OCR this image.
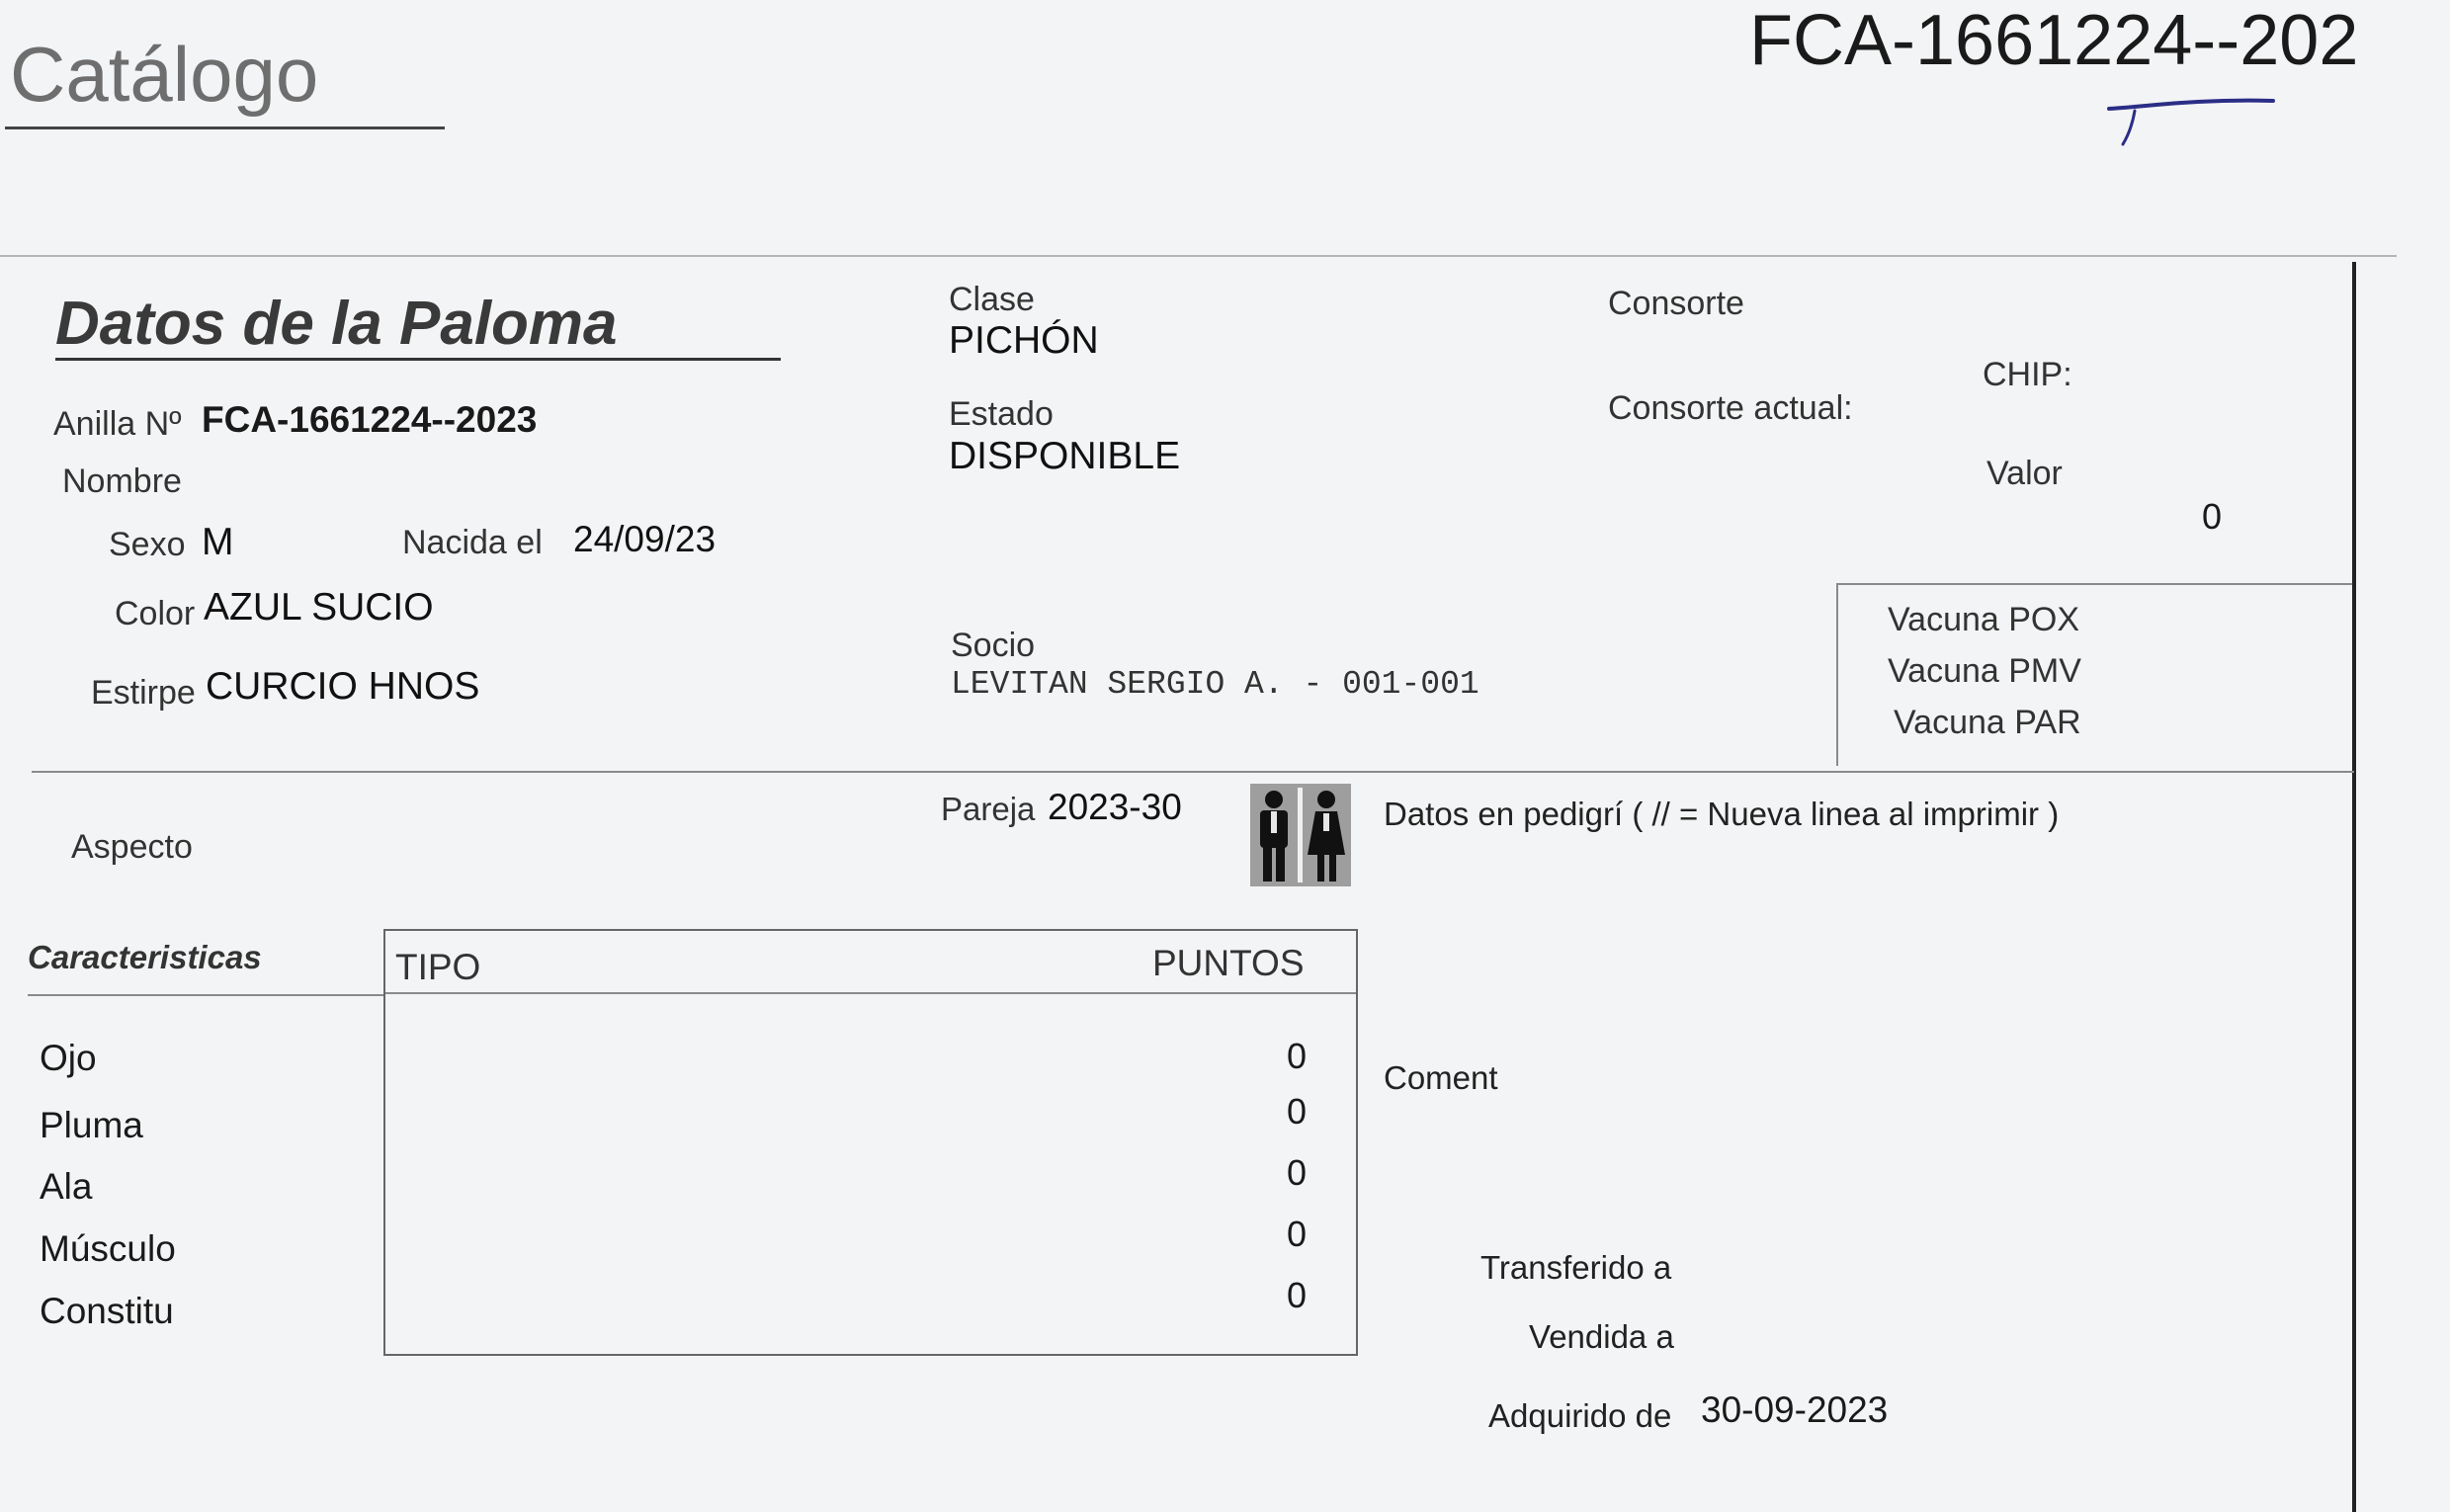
Catálogo	FCA-1661224--202
Datos de la Paloma
Anilla Nº FCA-1661224--2023
Nombre
Sexo M	Nacida el 24/09/23
Color AZUL SUCIO
Estirpe CURCIO HNOS
Clase
PICHÓN
Estado
DISPONIBLE
Socio
LEVITAN SERGIO A. - 001-001
Consorte
Consorte actual:
CHIP:
Valor
0
Vacuna POX
Vacuna PMV
Vacuna PAR
Pareja 2023-30	Datos en pedigrí ( // = Nueva linea al imprimir )
Aspecto
Caracteristicas	TIPO	PUNTOS
Ojo	0
Pluma	0
Ala	0
Músculo	0
Constitu	0
Coment
Transferido a
Vendida a
Adquirido de 30-09-2023
